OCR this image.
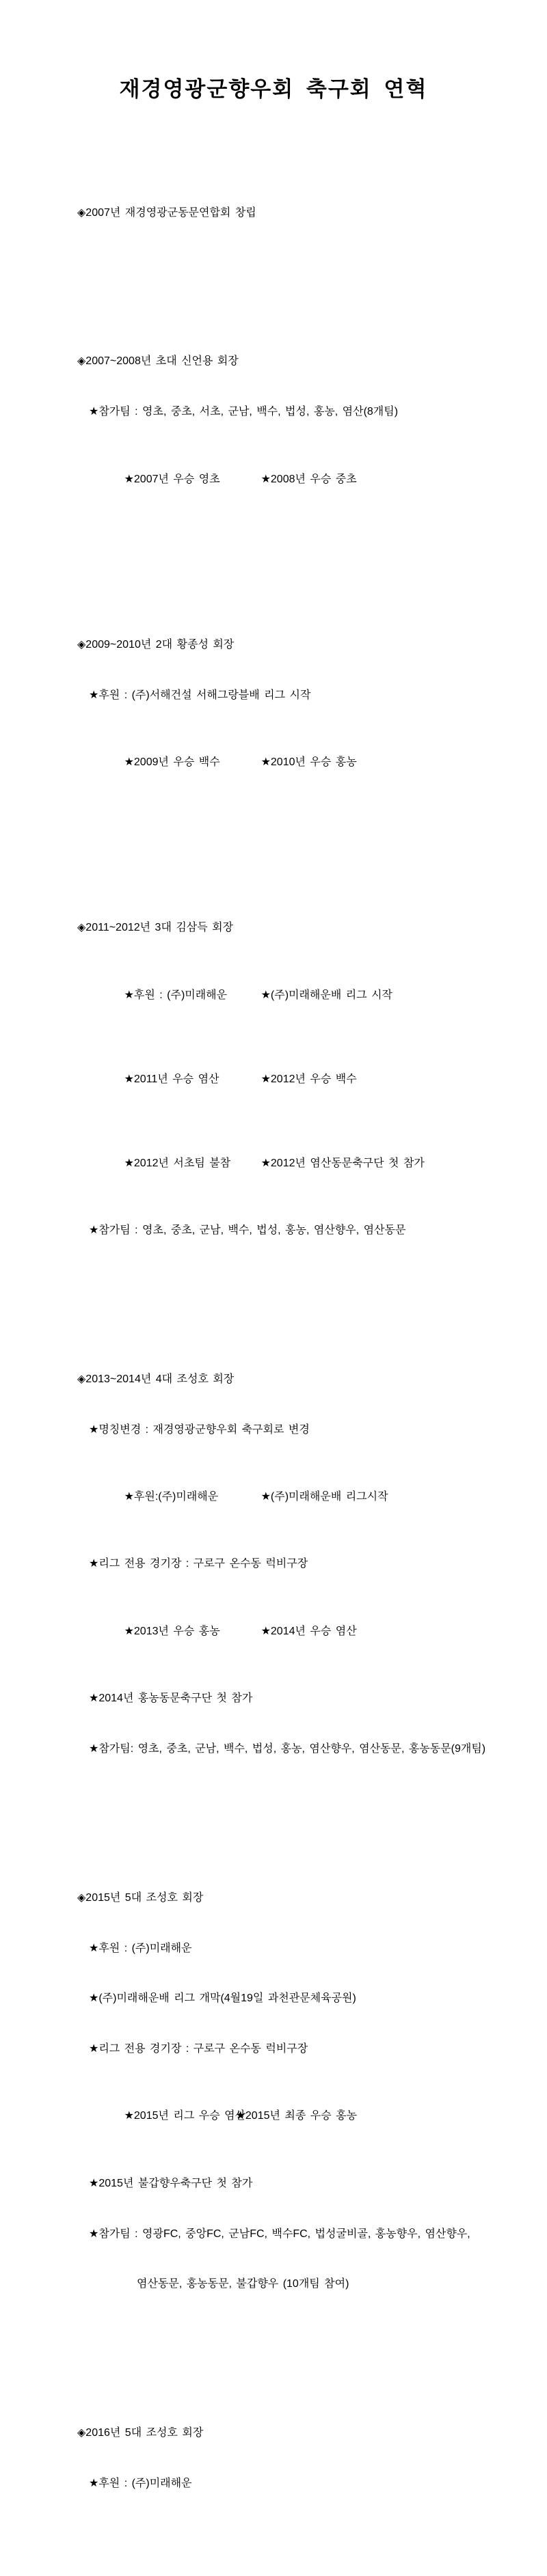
재경영광군향우회 축구회 연혁

◈2007년 재경영광군동문연합회 창립

◈2007~2008년 초대 신언용 회장

★참가팀 : 영초, 중초, 서초, 군남, 백수, 법성, 홍농, 염산(8개팀)

★2007년 우승 영초	★2008년 우승 중초

◈2009~2010년 2대 황종성 회장

★후원 : (주)서해건설 서해그랑블배 리그 시작

★2009년 우승 백수	★2010년 우승 홍농

◈2011~2012년 3대 김삼득 회장

★후원 : (주)미래해운	★(주)미래해운배 리그 시작

★2011년 우승 염산	★2012년 우승 백수

★2012년 서초팀 불참	★2012년 염산동문축구단 첫 참가

★참가팀 : 영초, 중초, 군남, 백수, 법성, 홍농, 염산향우, 염산동문

◈2013~2014년 4대 조성호 회장

★명칭변경 : 재경영광군향우회 축구회로 변경

★후원:(주)미래해운	★(주)미래해운배 리그시작

★리그 전용 경기장 : 구로구 온수동 럭비구장

★2013년 우승 홍농	★2014년 우승 염산

★2014년 홍농동문축구단 첫 참가

★참가팀: 영초, 중초, 군남, 백수, 법성, 홍농, 염산향우, 염산동문, 홍농동문(9개팀)

◈2015년 5대 조성호 회장

★후원 : (주)미래해운

★(주)미래해운배 리그 개막(4월19일 과천관문체육공원)

★리그 전용 경기장 : 구로구 온수동 럭비구장

★2015년 리그 우승 염산★2015년 최종 우승 홍농

★2015년 불갑향우축구단 첫 참가

★참가팀 : 영광FC, 중앙FC, 군남FC, 백수FC, 법성굴비골, 홍농향우, 염산향우,

염산동문, 홍농동문, 불갑향우 (10개팀 참여)

◈2016년 5대 조성호 회장

★후원 : (주)미래해운
